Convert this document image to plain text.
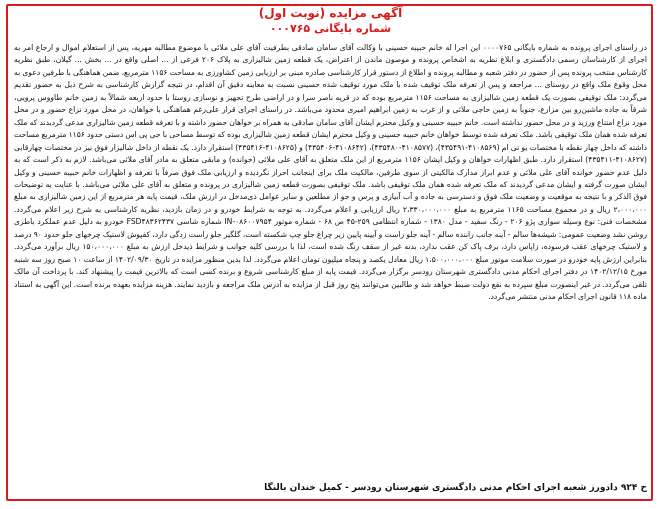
آگهی مزایده (نوبت اول)
شماره بایگانی ۰۰۰۷۶۵
در راستای اجرای پرونده به شماره بایگانی ۰۰۰۰۷۶۵ این اجرا له خانم حبیبه حسینی با وکالت آقای سامان صادقی بطرفیت آقای علی ملائی با موضوع مطالبه مهریه، پس از استعلام اموال و ارجاع امر به اجرای از کارشناسان رسمی دادگستری و ابلاغ نظریه به اشخاص پرونده و موصون ماندن از اعتراض، یک قطعه زمین شالیزاری به پلاک ۲۰۶ فرعی از ... اصلی واقع در ... بخش ... گیلان، طبق نظریه کارشناس منتخب پرونده پس از حضور در دفتر شعبه و مطالبه پرونده و اطلاع از دستور قرار کارشناسی صادره مبنی بر ارزیابی زمین کشاورزی به مساحت ۱۱۵۶ مترمربع، ضمن هماهنگی با طرفین دعوی به محل وقوع ملک واقع در روستای ... مراجعه و پس از تعرفه ملک توقیف شده با ملک مورد توقیف شده حسینی نسبت به معاینه دقیق آن اقدام، در نتیجه گزارش کارشناسی به شرح ذیل به حضور تقدیم می‌گردد: ملک توقیفی بصورت یک قطعه زمین شالیزاری به مساحت ۱۱۵۶ مترمربع بوده که در قریه ناصر سرا و در اراضی طرح تجهیز و نوسازی روستا با حدود اربعه شمالاً به زمین خانم طاووس پرویی، شرقاً به جاده ماشین‌رو بین مزارع، جنوباً به زمین حاجی ملائی و از غرب به زمین ابراهیم امیری محدود می‌باشد. در راستای اجرای قرار علی‌رغم هماهنگی با خواهان، در محل مورد نزاع حضور و در محل مورد نزاع امتناع ورزید و در محل حضور نداشته است. خانم حبیبه حسینی و وکیل محترم ایشان آقای سامان صادقی به همراه بر خواهان حضور داشته و با تعرفه قطعه زمین شالیزاری مدعی گردیدند که ملک تعرفه شده همان ملک توقیفی باشد. ملک تعرفه شده توسط خواهان خانم حبیبه حسینی و وکیل محترم ایشان قطعه زمین شالیزاری بوده که توسط مساحی با جی پی اس دستی حدود ۱۱۵۶ مترمربع مساحت داشته که داخل چهار نقطه با مختصات یو تی ام (۴۱۰۸۵۶۹-۴۳۵۴۹۱)، (۴۱۰۸۵۷۷-۴۳۵۴۸۰)، (۴۱۰۸۶۴۲-۴۳۵۴۰۶) و (۴۱۰۸۶۲۵-۴۳۵۴۱۶) استقرار دارد. یک نقطه از داخل شالیزار فوق نیز در مختصات چهارقابی (۴۱۰۸۶۲۷-۴۳۵۴۱۱) استقرار دارد. طبق اظهارات خواهان و وکیل ایشان ۱۱۵۶ مترمربع از این ملک متعلق به آقای علی ملائی (خوانده) و مابقی متعلق به مادر آقای ملائی می‌باشد. لازم به ذکر است که به دلیل عدم حضور خوانده آقای علی ملائی و عدم ابراز مدارک مالکیتی از سوی طرفین، مالکیت ملک برای اینجانب احراز نگردیده و ارزیابی ملک فوق صرفاً با تعرفه و اظهارات خانم حبیبه حسینی و وکیل ایشان صورت گرفته و ایشان مدعی گردیدند که ملک تعرفه شده همان ملک توقیفی باشد. ملک توقیفی بصورت قطعه زمین شالیزاری در پرونده و متعلق به آقای علی ملائی می‌باشد. با عنایت به توضیحات فوق الذکر و با نتیجه به موقعیت و وضعیت ملک فوق و دسترسی به جاده و آب آبیاری و پرس و جو از مطلعین و سایر عوامل ذی‌مدخل در ارزش ملک، قیمت پایه هر مترمربع از این زمین شالیزاری به مبلغ ۲،۰۰۰،۰۰۰ ریال و در مجموع مساحت ۱۱۶۵ مترمربع به مبلغ ۲،۳۳۰،۰۰۰،۰۰۰ ریال ارزیابی و اعلام می‌گردد. به توجه به شرایط خودرو و در زمان بازدید، نظریه کارشناسی به شرح زیر اعلام می‌گردد. مشخصات فنی: نوع وسیله سواری پژو ۲۰۶ - رنگ سفید - مدل ۱۳۸۰ - شماره انتظامی ۲۵۹-۴۵ ص ۶۸ - شماره موتور ۰۸۶۰۰۷۹۵۴-IN شماره شاسی FSD۴۸۳۶۲۴۳۷ خودرو به دلیل عدم عملکرد باطری روشن نشد وضعیت عمومی: شیشه‌ها سالم - آینه جانب راننده سالم - آینه جلو راست و آیینه پایین زیر چراغ جلو چپ شکسته است، گلگیر جلو راست زدگی دارد، کفپوش لاستیک چرخهای جلو حدود ۹۰ درصد و لاستیک چرخهای عقب فرسوده، زاپاس دارد، برف پاک کن عقب ندارد، بدنه غیر از سقف رنگ شده است، لذا با بررسی کلیه جوانب و شرایط ذیدخل ارزش به مبلغ ۱۵۰،۰۰۰،۰۰۰ ریال برآورد می‌گردد. بنابراین ارزش پایه خودرو در صورت سلامت موتور مبلغ ۱،۵۰۰،۰۰۰،۰۰۰ ریال معادل یکصد و پنجاه میلیون تومان اعلام می‌گردد. لذا بدین منظور مزایده در تاریخ ۱۴۰۲/۰۹/۳۰ از ساعت ۱۰ صبح روز سه شنبه مورخ ۱۴۰۲/۱۲/۱۵ در دفتر اجرای احکام مدنی دادگستری شهرستان رودسر برگزار می‌گردد. قیمت پایه از مبلغ کارشناسی شروع و برنده کسی است که بالاترین قیمت را پیشنهاد کند. با پرداخت آن مالک تلقی می‌گردد. در غیر اینصورت مبلغ سپرده به نفع دولت ضبط خواهد شد و طالبین می‌توانند پنج روز قبل از مزایده به آدرس ملک مراجعه و بازدید نمایند. هزینه مزایده بعهده برنده است. این آگهی به استناد ماده ۱۱۸ قانون اجرای احکام مدنی منتشر می‌گردد.
ح ۹۲۴ دادورز شعبه اجرای احکام مدنی دادگستری شهرستان رودسر - کمیل خندان بالنگا
